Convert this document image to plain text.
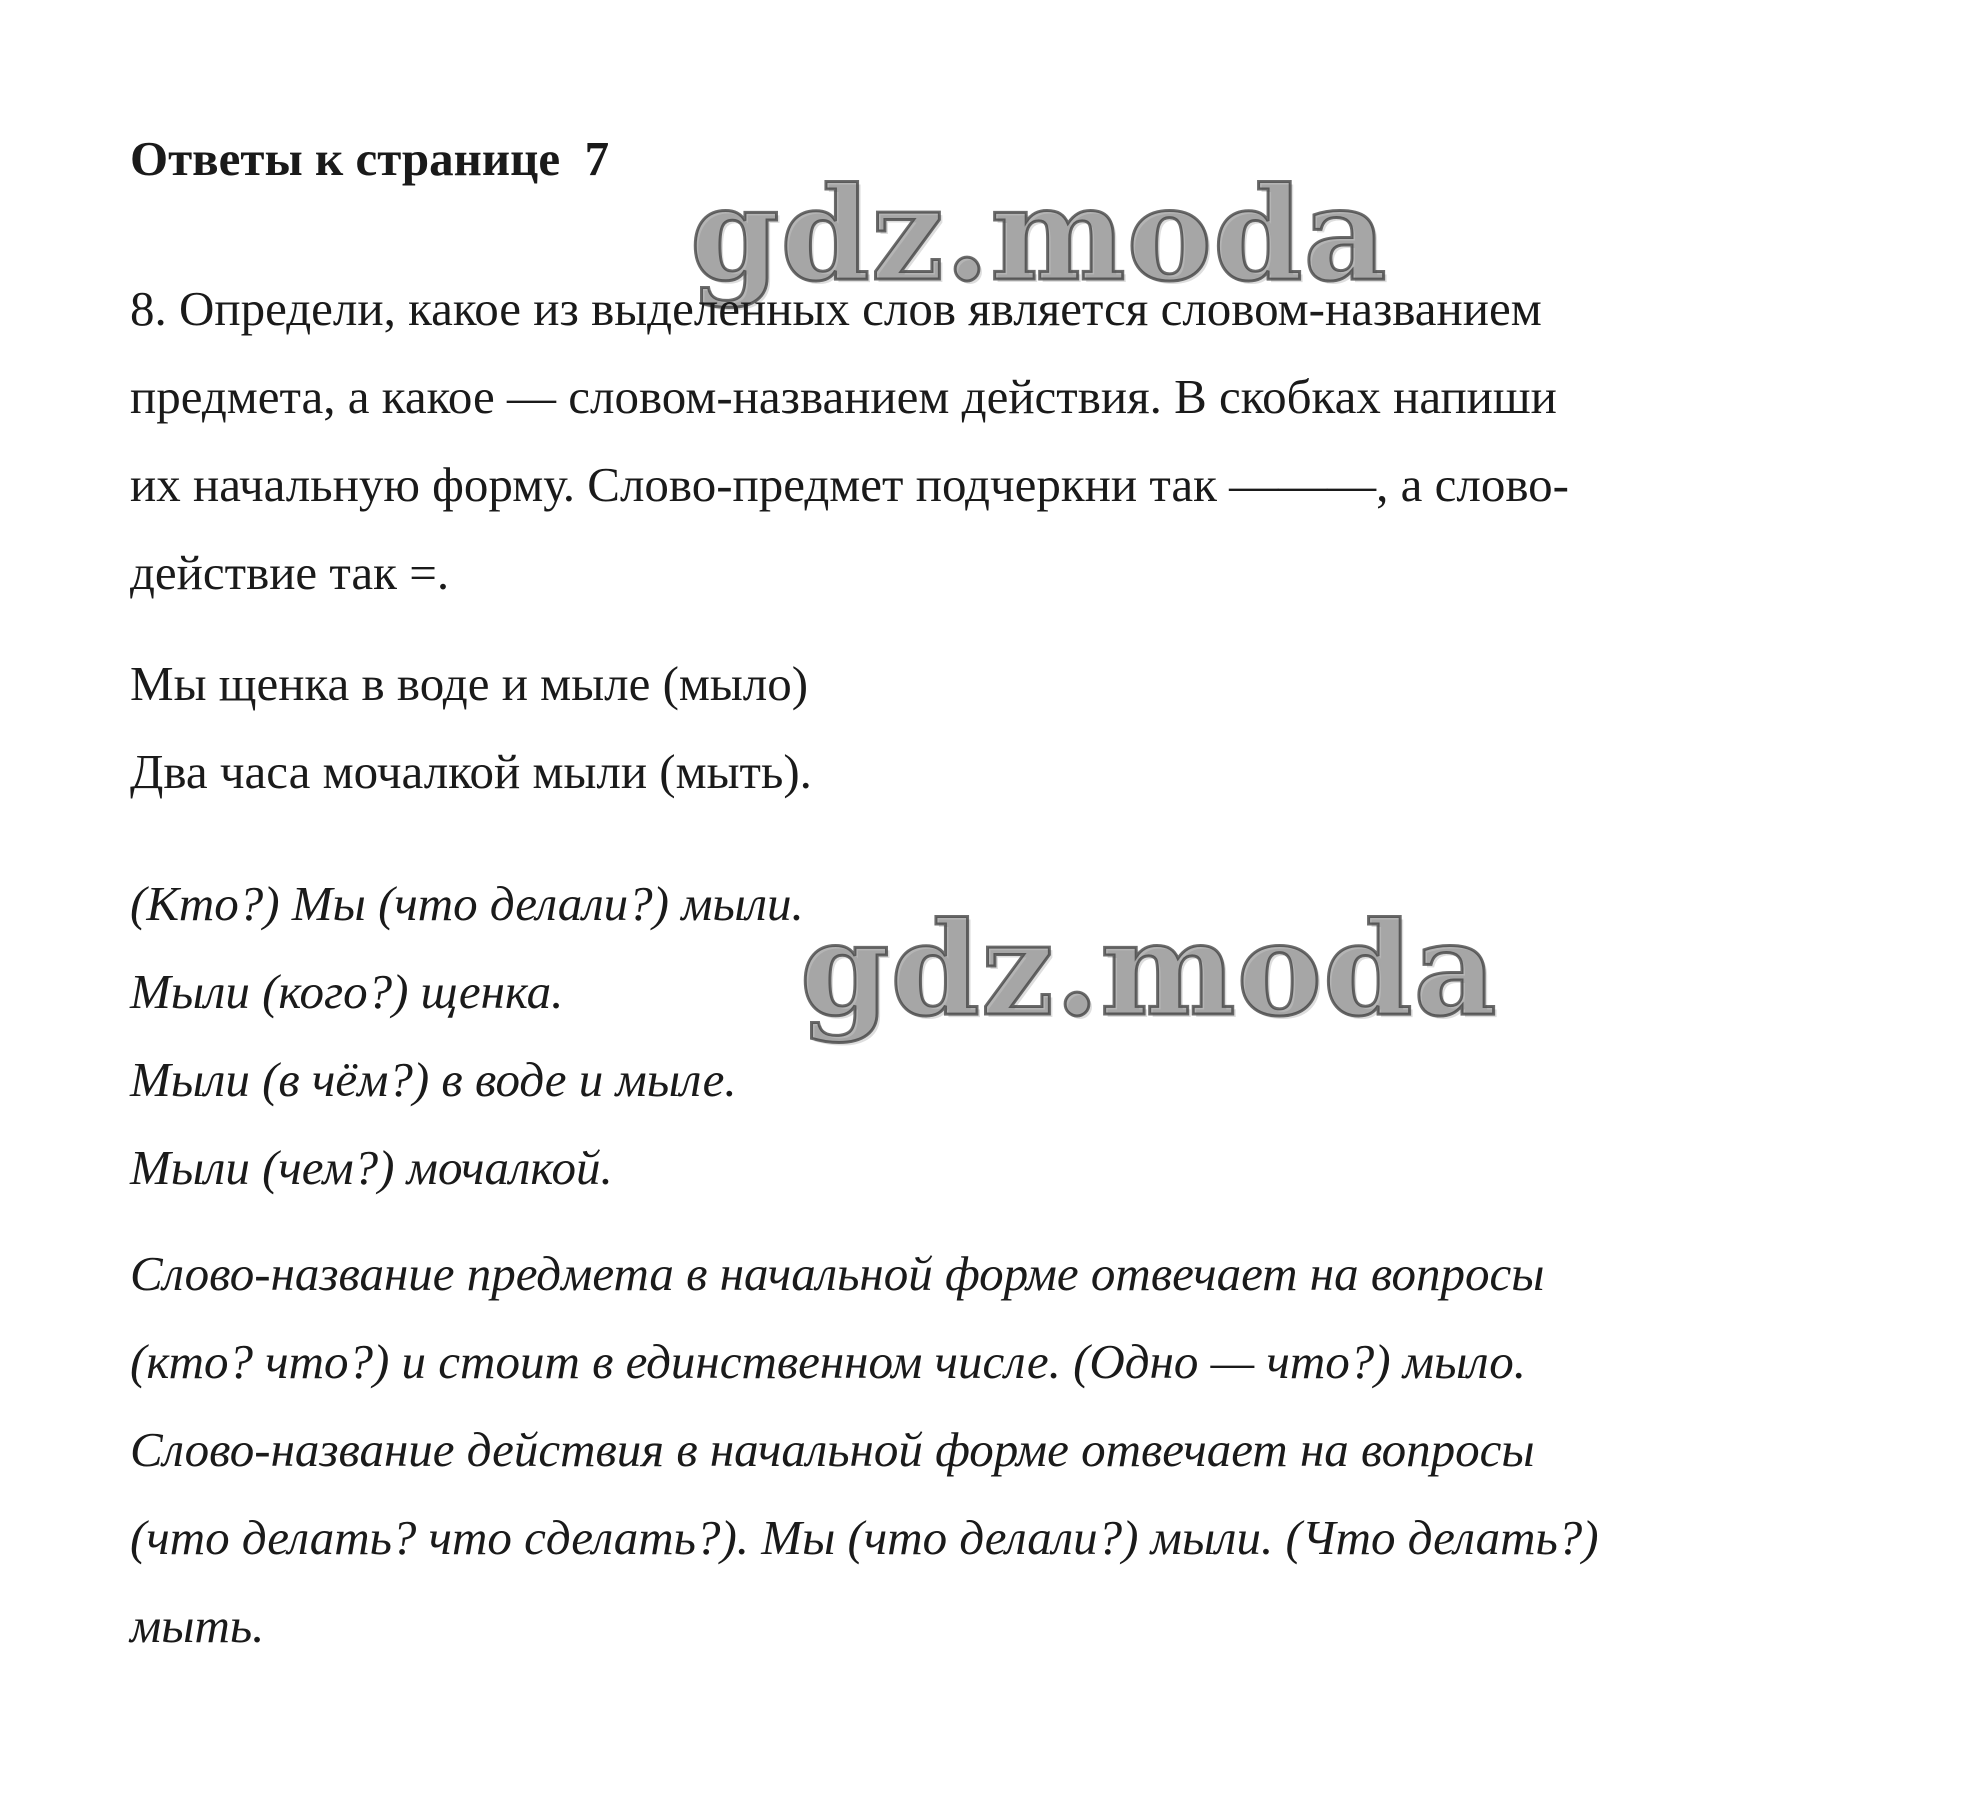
Ответы к странице  7
gdz.moda
8. Определи, какое из выделенных слов является словом-названием
предмета, а какое — словом-названием действия. В скобках напиши
их начальную форму. Слово-предмет подчеркни так ———, а слово-
действие так =.
Мы щенка в воде и мыле (мыло)
Два часа мочалкой мыли (мыть).
(Кто?) Мы (что делали?) мыли.
Мыли (кого?) щенка.
Мыли (в чём?) в воде и мыле.
Мыли (чем?) мочалкой.
gdz.moda
Слово-название предмета в начальной форме отвечает на вопросы
(кто? что?) и стоит в единственном числе. (Одно — что?) мыло.
Слово-название действия в начальной форме отвечает на вопросы
(что делать? что сделать?). Мы (что делали?) мыли. (Что делать?)
мыть.
